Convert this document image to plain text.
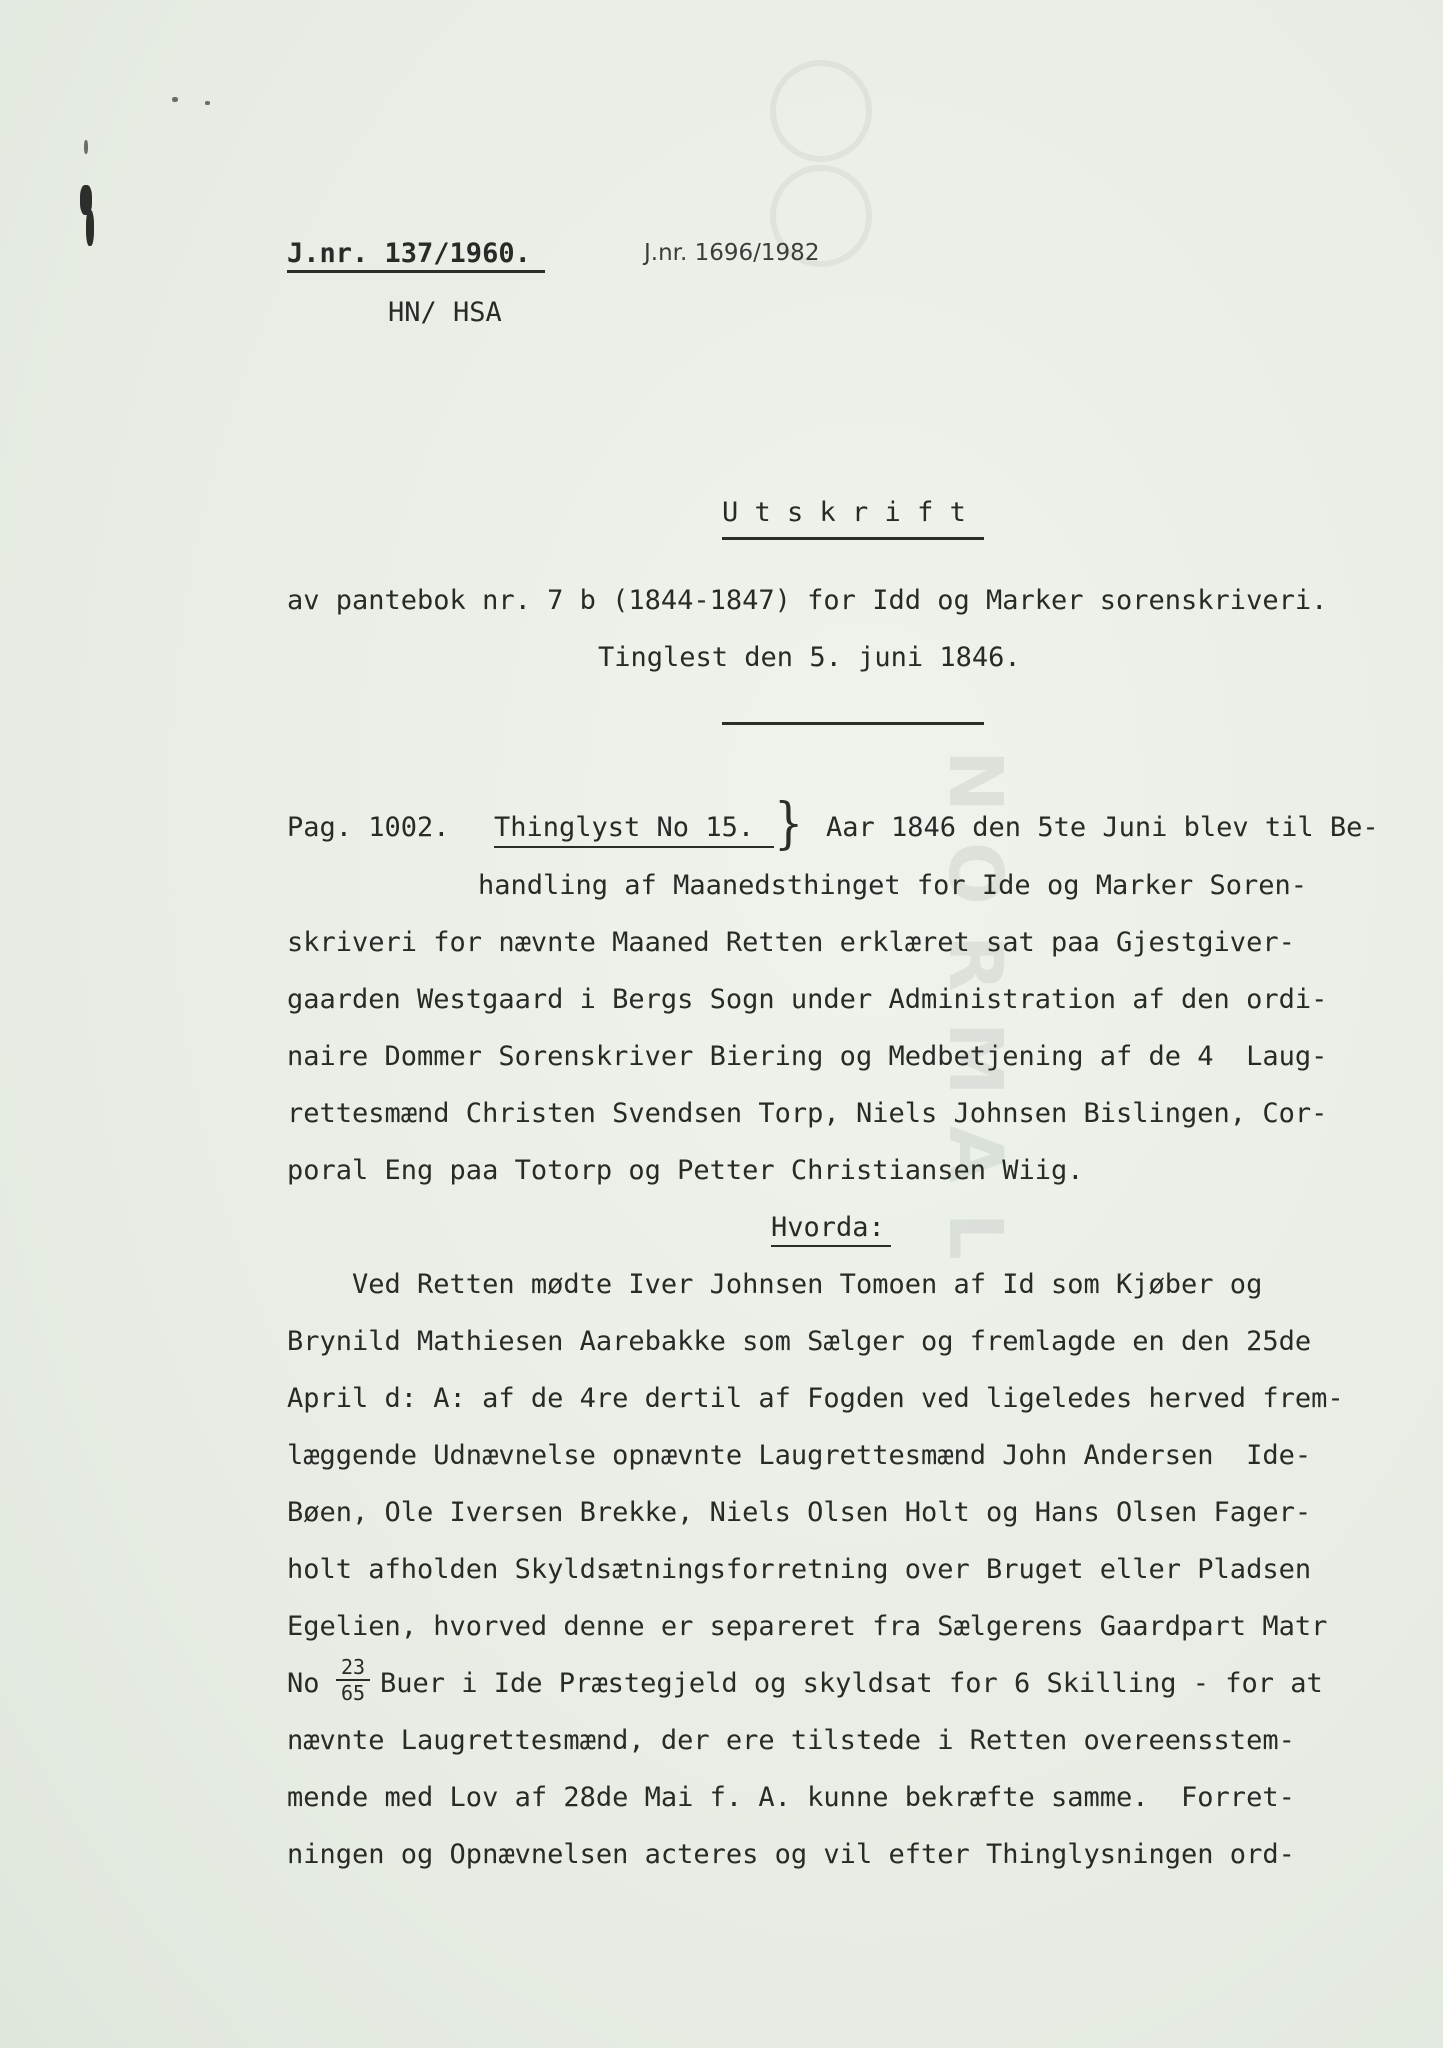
NORMAL
J.nr. 137/1960.	J.nr. 1696/1982
HN/ HSA
U t s k r i f t
av pantebok nr. 7 b (1844-1847) for Idd og Marker sorenskriveri.
Tinglest den 5. juni 1846.
Pag. 1002. Thinglyst No 15. } Aar 1846 den 5te Juni blev til Be-
handling af Maanedsthinget for Ide og Marker Soren-
skriveri for nævnte Maaned Retten erklæret sat paa Gjestgiver-
gaarden Westgaard i Bergs Sogn under Administration af den ordi-
naire Dommer Sorenskriver Biering og Medbetjening af de 4  Laug-
rettesmænd Christen Svendsen Torp, Niels Johnsen Bislingen, Cor-
poral Eng paa Totorp og Petter Christiansen Wiig.
Hvorda:
Ved Retten mødte Iver Johnsen Tomoen af Id som Kjøber og
Brynild Mathiesen Aarebakke som Sælger og fremlagde en den 25de
April d: A: af de 4re dertil af Fogden ved ligeledes herved frem-
læggende Udnævnelse opnævnte Laugrettesmænd John Andersen  Ide-
Bøen, Ole Iversen Brekke, Niels Olsen Holt og Hans Olsen Fager-
holt afholden Skyldsætningsforretning over Bruget eller Pladsen
Egelien, hvorved denne er separeret fra Sælgerens Gaardpart Matr
No
23
65 Buer i Ide Præstegjeld og skyldsat for 6 Skilling - for at
nævnte Laugrettesmænd, der ere tilstede i Retten overeensstem-
mende med Lov af 28de Mai f. A. kunne bekræfte samme.  Forret-
ningen og Opnævnelsen acteres og vil efter Thinglysningen ord-
